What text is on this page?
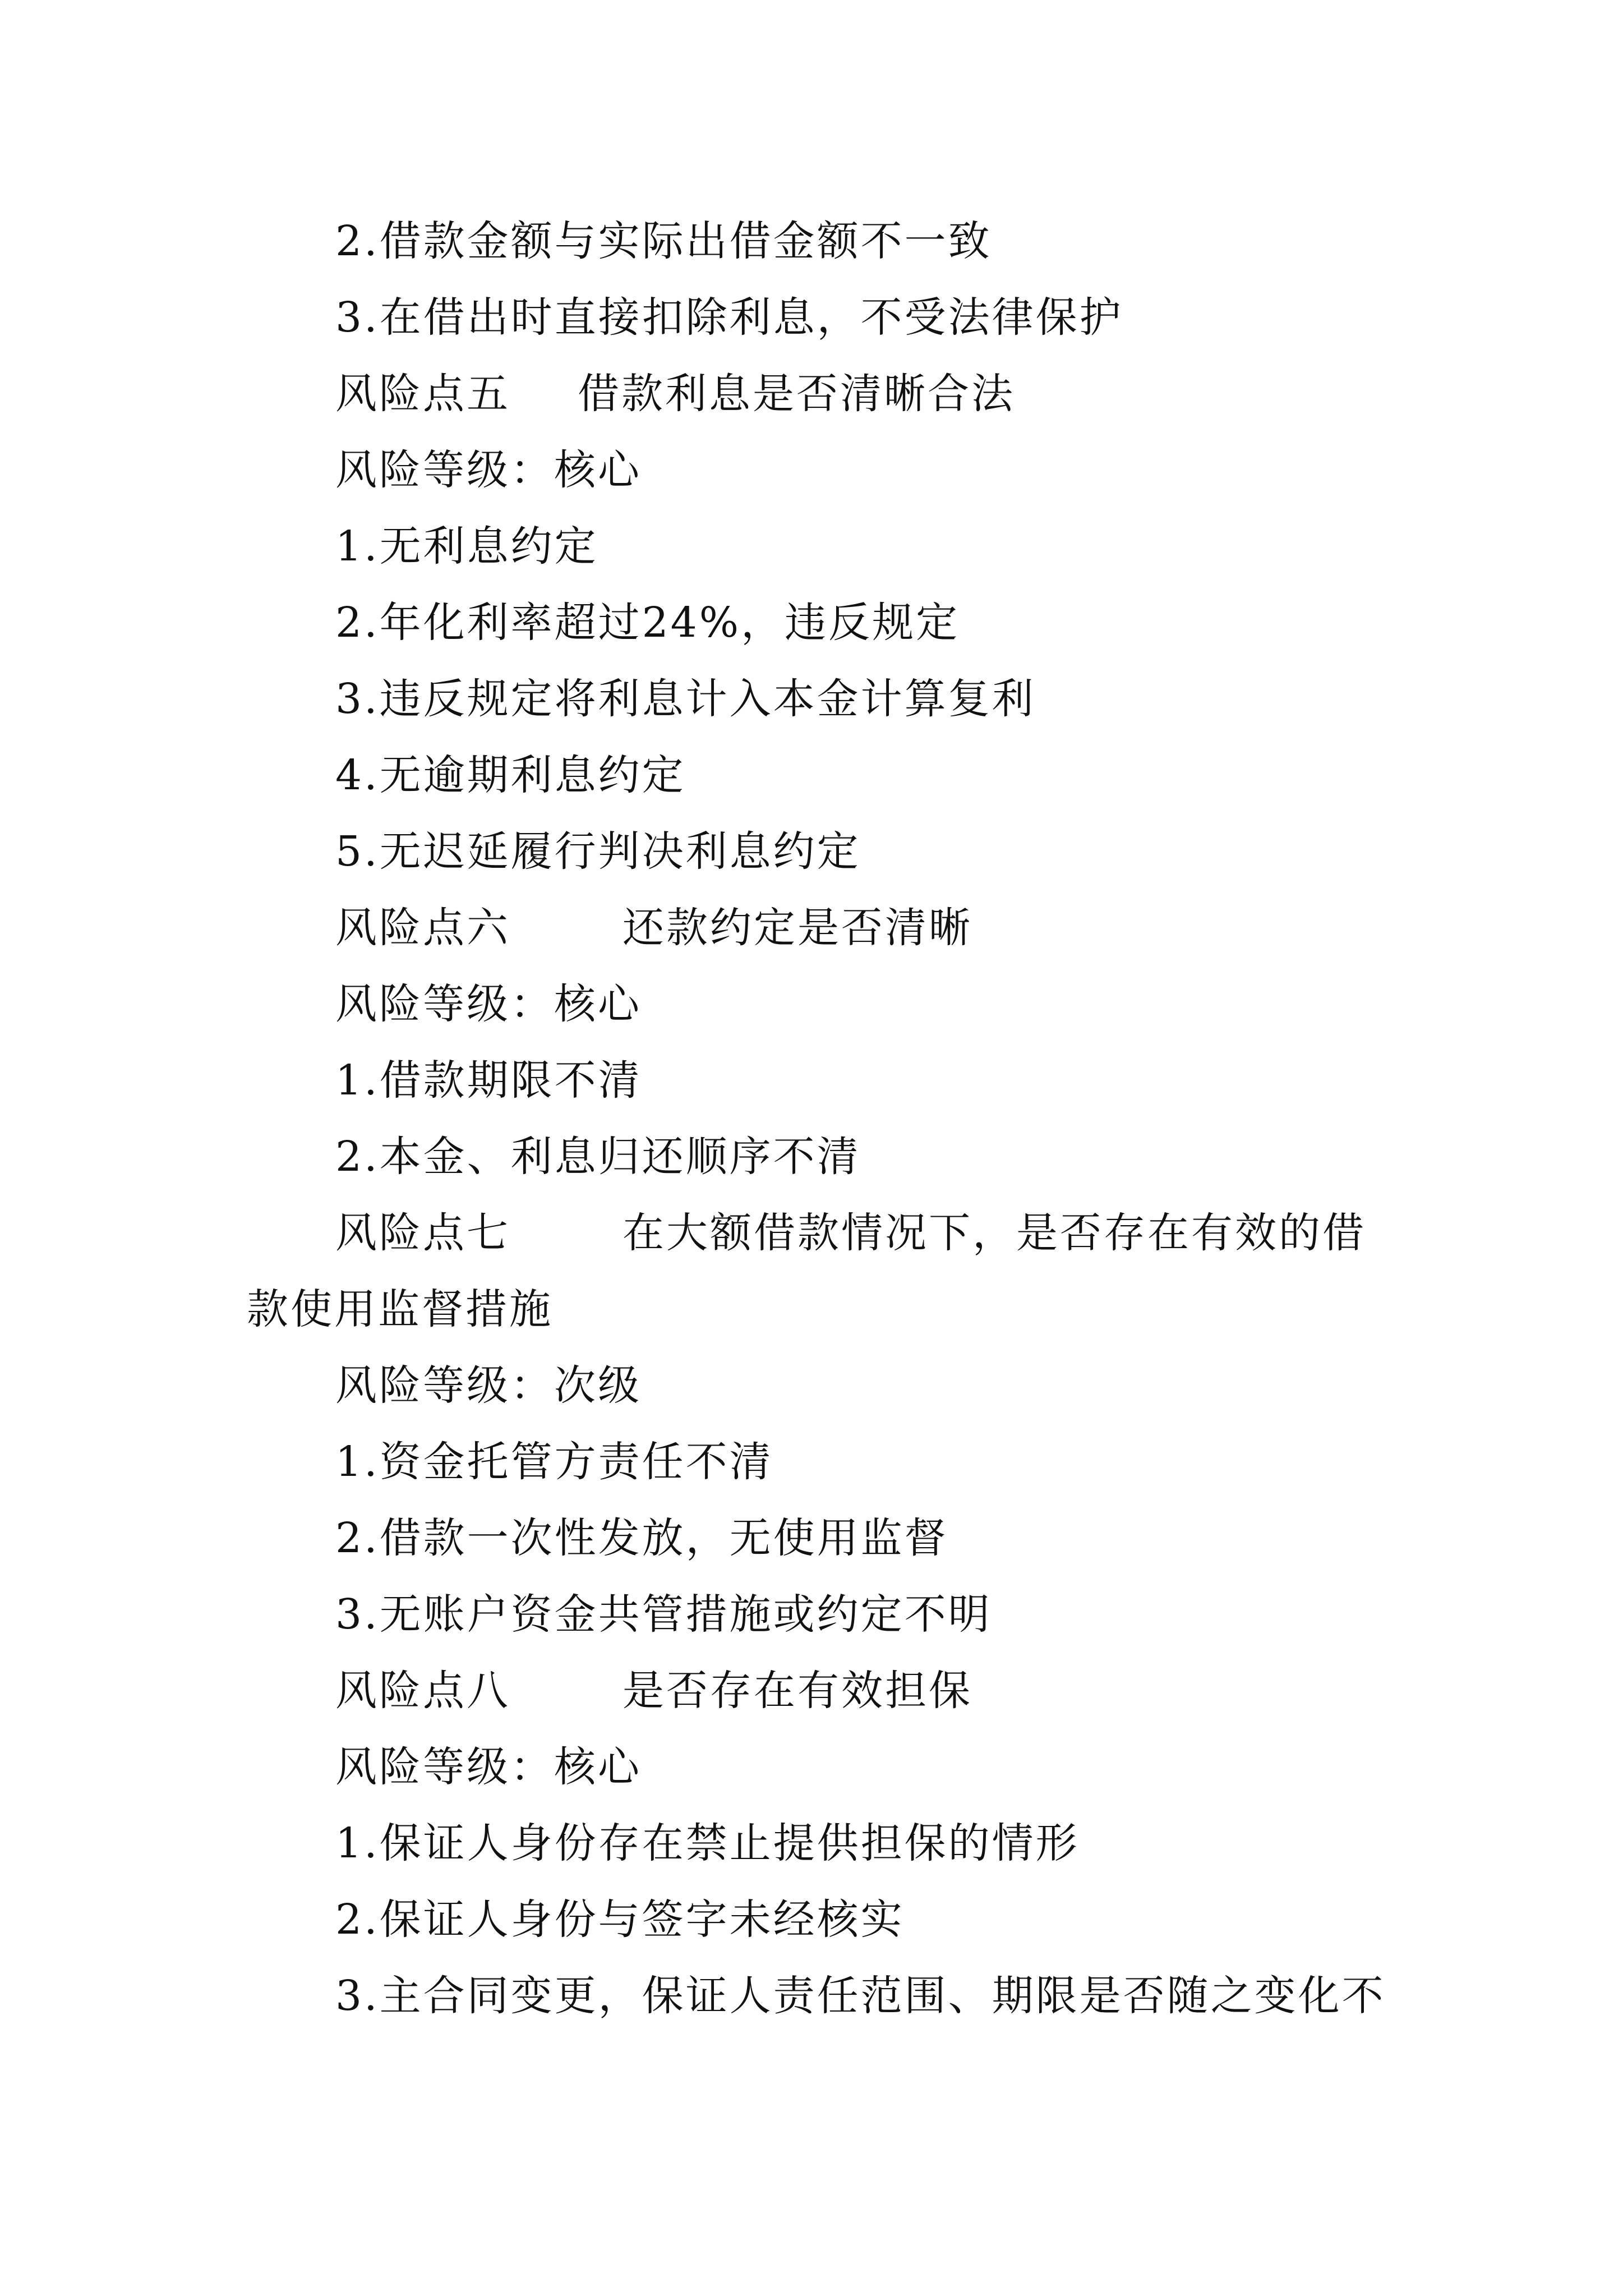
2.借款金额与实际出借金额不一致
3.在借出时直接扣除利息，不受法律保护
风险点五 借款利息是否清晰合法
风险等级：核心
1.无利息约定
2.年化利率超过24%，违反规定
3.违反规定将利息计入本金计算复利
4.无逾期利息约定
5.无迟延履行判决利息约定
风险点六	还款约定是否清晰
风险等级：核心
1.借款期限不清
2.本金、利息归还顺序不清
风险点七	在大额借款情况下，是否存在有效的借
款使用监督措施
风险等级：次级
1.资金托管方责任不清
2.借款一次性发放，无使用监督
3.无账户资金共管措施或约定不明
风险点八	是否存在有效担保
风险等级：核心
1.保证人身份存在禁止提供担保的情形
2.保证人身份与签字未经核实
3.主合同变更，保证人责任范围、期限是否随之变化不
